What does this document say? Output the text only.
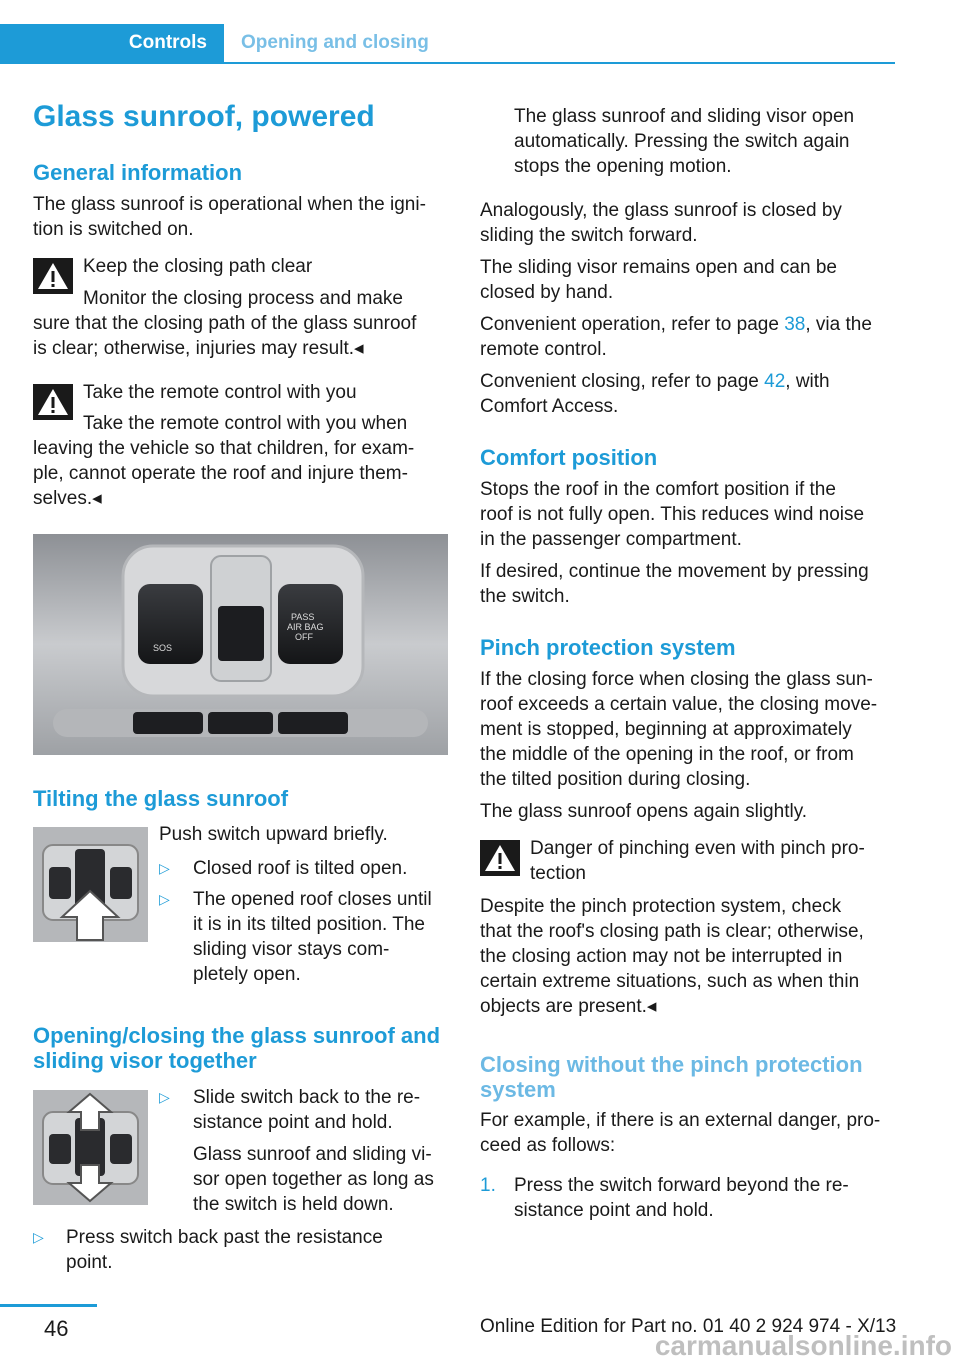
Controls	Opening and closing
Glass sunroof, powered
General information
The glass sunroof is operational when the igni-
tion is switched on.
Keep the closing path clear
Monitor the closing process and make
sure that the closing path of the glass sunroof
is clear; otherwise, injuries may result.◂
Take the remote control with you
Take the remote control with you when
leaving the vehicle so that children, for exam-
ple, cannot operate the roof and injure them-
selves.◂
SOS
PASS
AIR BAG
OFF
Tilting the glass sunroof
Push switch upward briefly.
▷ Closed roof is tilted open.
▷ The opened roof closes until
it is in its tilted position. The
sliding visor stays com-
pletely open.
Opening/closing the glass sunroof and
sliding visor together
▷ Slide switch back to the re-
sistance point and hold.
Glass sunroof and sliding vi-
sor open together as long as
the switch is held down.
▷ Press switch back past the resistance
point.
The glass sunroof and sliding visor open
automatically. Pressing the switch again
stops the opening motion.
Analogously, the glass sunroof is closed by
sliding the switch forward.
The sliding visor remains open and can be
closed by hand.
Convenient operation, refer to page 38, via the
remote control.
Convenient closing, refer to page 42, with
Comfort Access.
Comfort position
Stops the roof in the comfort position if the
roof is not fully open. This reduces wind noise
in the passenger compartment.
If desired, continue the movement by pressing
the switch.
Pinch protection system
If the closing force when closing the glass sun-
roof exceeds a certain value, the closing move-
ment is stopped, beginning at approximately
the middle of the opening in the roof, or from
the tilted position during closing.
The glass sunroof opens again slightly.
Danger of pinching even with pinch pro-
tection
Despite the pinch protection system, check
that the roof's closing path is clear; otherwise,
the closing action may not be interrupted in
certain extreme situations, such as when thin
objects are present.◂
Closing without the pinch protection
system
For example, if there is an external danger, pro-
ceed as follows:
1. Press the switch forward beyond the re-
sistance point and hold.
46	Online Edition for Part no. 01 40 2 924 974 - X/13
carmanualsonline.info
